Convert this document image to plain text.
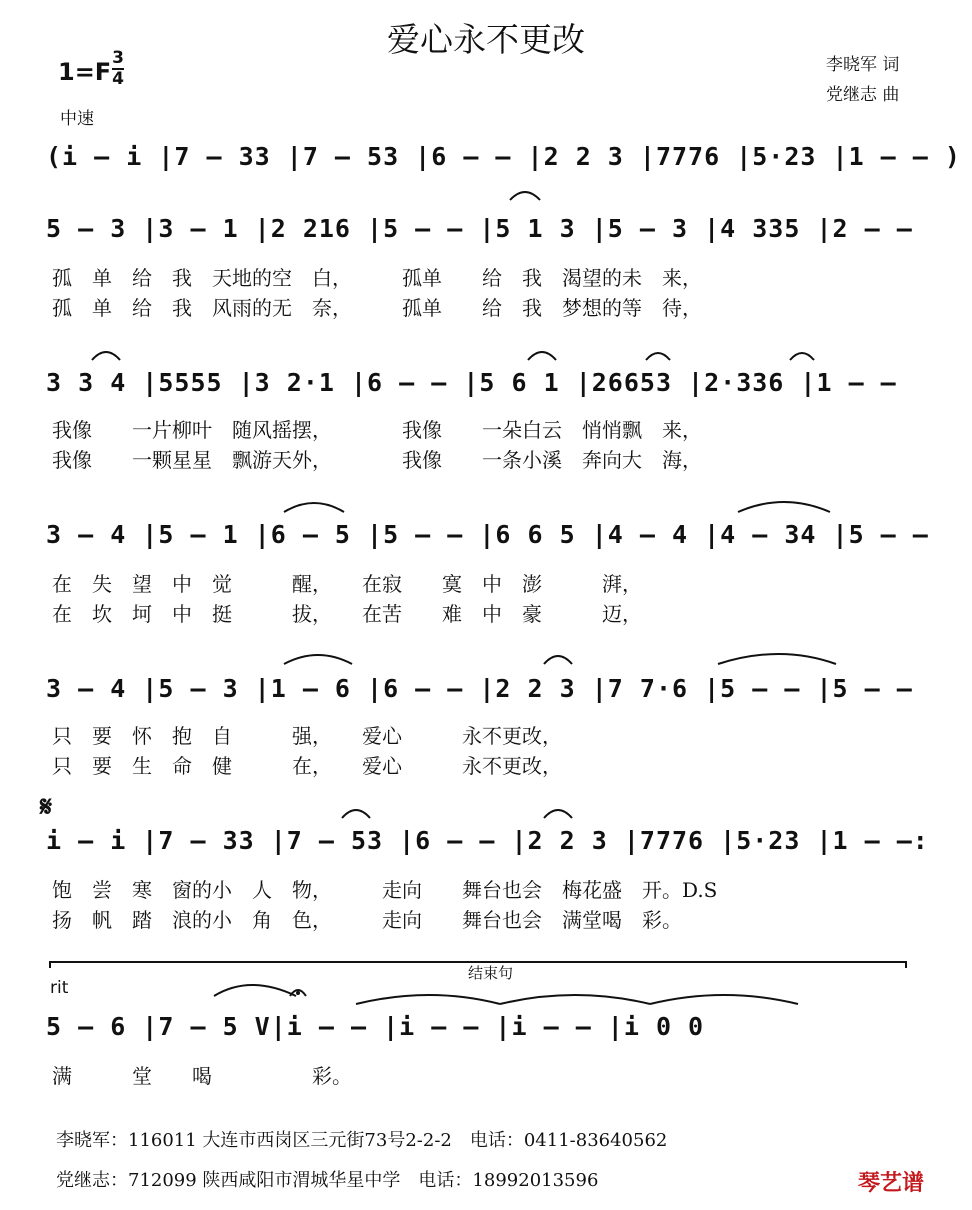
爱心永不更改
李晓军 词
党继志 曲
1=F 3
4
中速
(i – i |7 – 33 |7 – 53 |6 – – |2 2 3 |7776 |5·23 |1 – – )
5 – 3 |3 – 1 |2 216 |5 – – |5 1 3 |5 – 3 |4 335 |2 – –
孤　单　给　我　天地的空　白，　　　孤单　　给　我　渴望的未　来，
孤　单　给　我　风雨的无　奈，　　　孤单　　给　我　梦想的等　待，
3 3 4 |5555 |3 2·1 |6 – – |5 6 1 |26653 |2·336 |1 – –
我像　　一片柳叶　随风摇摆，　　　　我像　　一朵白云　悄悄飘　来，
我像　　一颗星星　飘游天外，　　　　我像　　一条小溪　奔向大　海，
3 – 4 |5 – 1 |6 – 5 |5 – – |6 6 5 |4 – 4 |4 – 34 |5 – –
在　失　望　中　觉　　　醒，　　在寂　　寞　中　澎　　　湃，
在　坎　坷　中　挺　　　拔，　　在苦　　难　中　豪　　　迈，
3 – 4 |5 – 3 |1 – 6 |6 – – |2 2 3 |7 7·6 |5 – – |5 – –
只　要　怀　抱　自　　　强，　　爱心　　　永不更改，
只　要　生　命　健　　　在，　　爱心　　　永不更改，
𝄋
i – i |7 – 33 |7 – 53 |6 – – |2 2 3 |7776 |5·23 |1 – –:
饱　尝　寒　窗的小　人　物，　　　走向　　舞台也会　梅花盛　开。D.S
扬　帆　踏　浪的小　角　色，　　　走向　　舞台也会　满堂喝　彩。
结束句
rit
5 – 6 |7 – 5 V|i – – |i – – |i – – |i 0 0
满　　　堂　　喝　　　　　彩。
李晓军：116011 大连市西岗区三元街73号2-2-2　电话：0411-83640562
党继志：712099 陕西咸阳市渭城华星中学　电话：18992013596	琴艺谱
